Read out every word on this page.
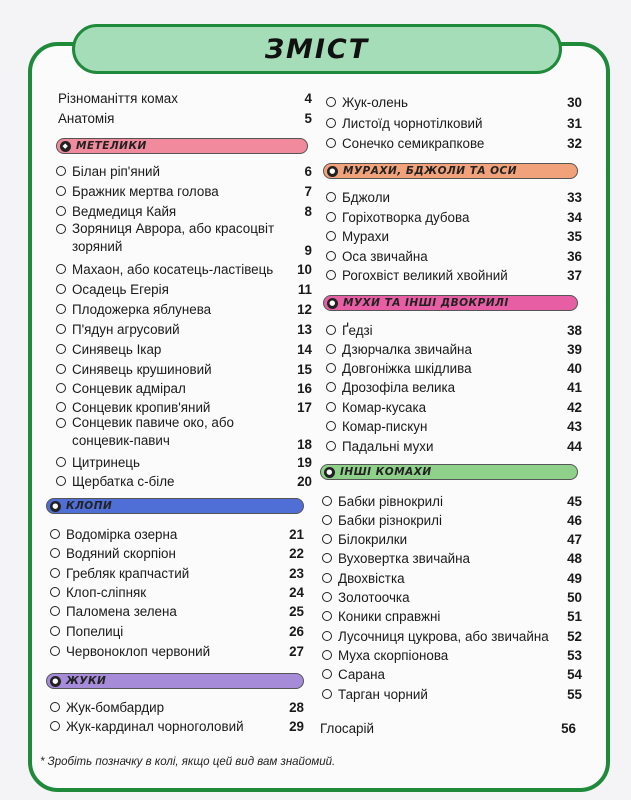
ЗМІСТ
Різноманіття комах	4
Анатомія	5
◆ МЕТЕЛИКИ
Білан ріп'яний	6
Бражник мертва голова	7
Ведмедиця Кайя	8
Зоряниця Аврора, або красоцвіт зоряний	9
Махаон, або косатець-ластівець 10
Осадець Егерія	11
Плодожерка яблунева	12
П'ядун агрусовий	13
Синявець Ікар	14
Синявець крушиновий	15
Сонцевик адмірал	16
Сонцевик кропив'яний	17
Сонцевик павиче око, або сонцевик-павич	18
Цитринець	19
Щербатка с-біле	20
● КЛОПИ
Водомірка озерна	21
Водяний скорпіон	22
Гребляк крапчастий	23
Клоп-сліпняк	24
Паломена зелена	25
Попелиці	26
Червоноклоп червоний	27
● ЖУКИ
Жук-бомбардир	28
Жук-кардинал чорноголовий	29
Жук-олень	30
Листоїд чорнотілковий	31
Сонечко семикрапкове	32
● МУРАХИ, БДЖОЛИ ТА ОСИ
Бджоли	33
Горіхотворка дубова	34
Мурахи	35
Оса звичайна	36
Рогохвіст великий хвойний	37
● МУХИ ТА ІНШІ ДВОКРИЛІ
Ґедзі	38
Дзюрчалка звичайна	39
Довгоніжка шкідлива	40
Дрозофіла велика	41
Комар-кусака	42
Комар-пискун	43
Падальні мухи	44
● ІНШІ КОМАХИ
Бабки рівнокрилі	45
Бабки різнокрилі	46
Білокрилки	47
Вуховертка звичайна	48
Двохвістка	49
Золотоочка	50
Коники справжні	51
Лусочниця цукрова, або звичайна 52
Муха скорпіонова	53
Сарана	54
Тарган чорний	55
Глосарій	56
* Зробіть позначку в колі, якщо цей вид вам знайомий.
